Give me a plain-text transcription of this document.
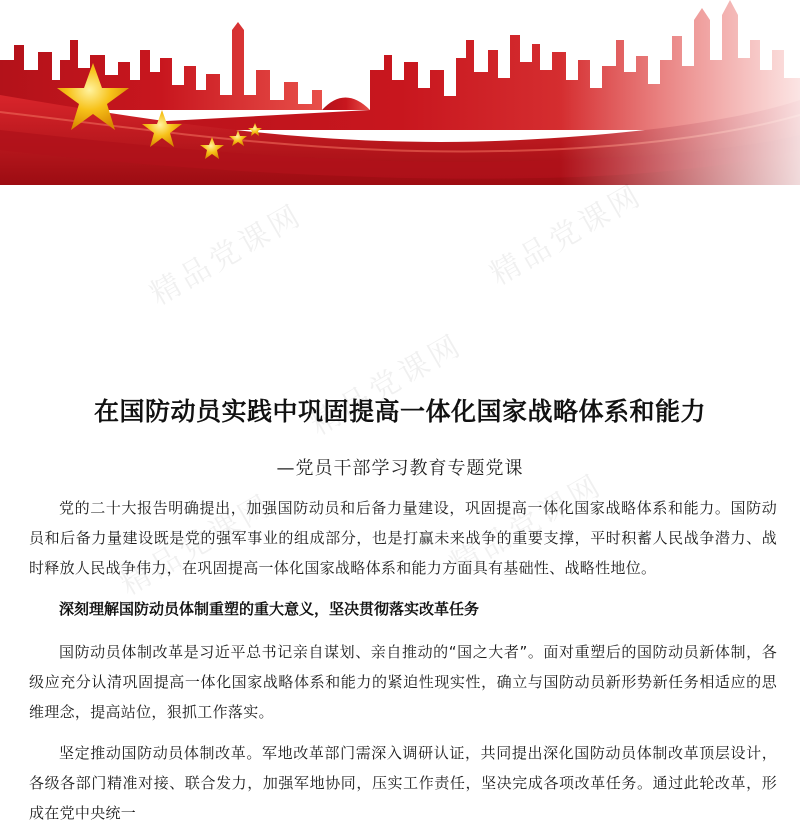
精品党课网	精品党课网
精品党课网
精品党课网
精品党课网
在国防动员实践中巩固提高一体化国家战略体系和能力
—党员干部学习教育专题党课

党的二十大报告明确提出，加强国防动员和后备力量建设，巩固提高一体化国家战略体系和能力。国防动员和后备力量建设既是党的强军事业的组成部分，也是打赢未来战争的重要支撑，平时积蓄人民战争潜力、战时释放人民战争伟力，在巩固提高一体化国家战略体系和能力方面具有基础性、战略性地位。

深刻理解国防动员体制重塑的重大意义，坚决贯彻落实改革任务

国防动员体制改革是习近平总书记亲自谋划、亲自推动的“国之大者”。面对重塑后的国防动员新体制，各级应充分认清巩固提高一体化国家战略体系和能力的紧迫性现实性，确立与国防动员新形势新任务相适应的思维理念，提高站位，狠抓工作落实。

坚定推动国防动员体制改革。军地改革部门需深入调研认证，共同提出深化国防动员体制改革顶层设计，各级各部门精准对接、联合发力，加强军地协同，压实工作责任，坚决完成各项改革任务。通过此轮改革，形成在党中央统一
